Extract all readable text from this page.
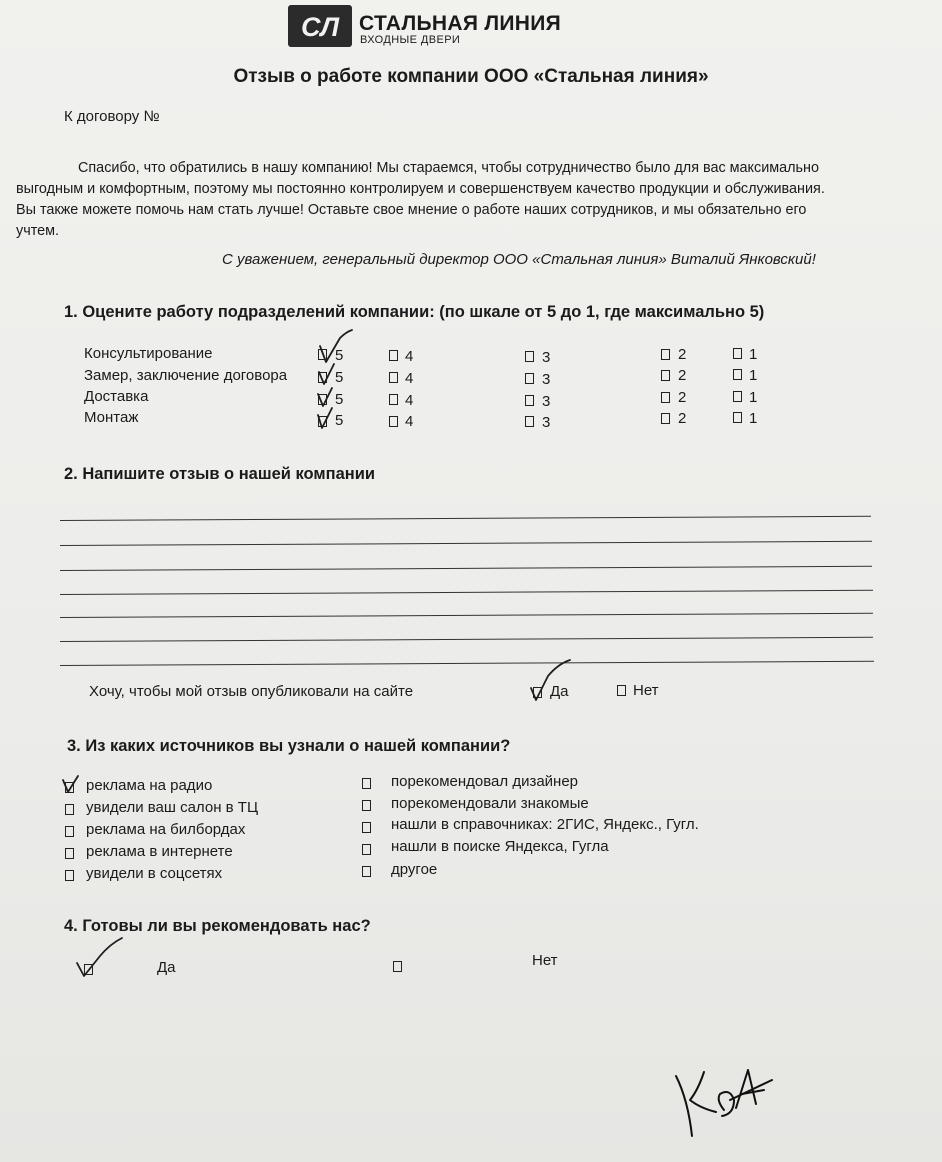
СЛ СТАЛЬНАЯ ЛИНИЯ
ВХОДНЫЕ ДВЕРИ
Отзыв о работе компании ООО «Стальная линия»
К договору №
Спасибо, что обратились в нашу компанию! Мы стараемся, чтобы сотрудничество было для вас максимально
выгодным и комфортным, поэтому мы постоянно контролируем и совершенствуем качество продукции и обслуживания.
Вы также можете помочь нам стать лучше! Оставьте свое мнение о работе наших сотрудников, и мы обязательно его
учтем.
С уважением, генеральный директор ООО «Стальная линия» Виталий Янковский!
1. Оцените работу подразделений компании: (по шкале от 5 до 1, где максимально 5)
Консультирование	5	4	3	2	1
Замер, заключение договора	5	4	3	2	1
Доставка	5	4	3	2	1
Монтаж	5	4	3	2	1
2. Напишите отзыв о нашей компании
Хочу, чтобы мой отзыв опубликовали на сайте	Да	Нет
3. Из каких источников вы узнали о нашей компании?
реклама на радио
увидели ваш салон в ТЦ
реклама на билбордах
реклама в интернете
увидели в соцсетях
порекомендовал дизайнер
порекомендовали знакомые
нашли в справочниках: 2ГИС, Яндекс., Гугл.
нашли в поиске Яндекса, Гугла
другое
4. Готовы ли вы рекомендовать нас?
Да	Нет
